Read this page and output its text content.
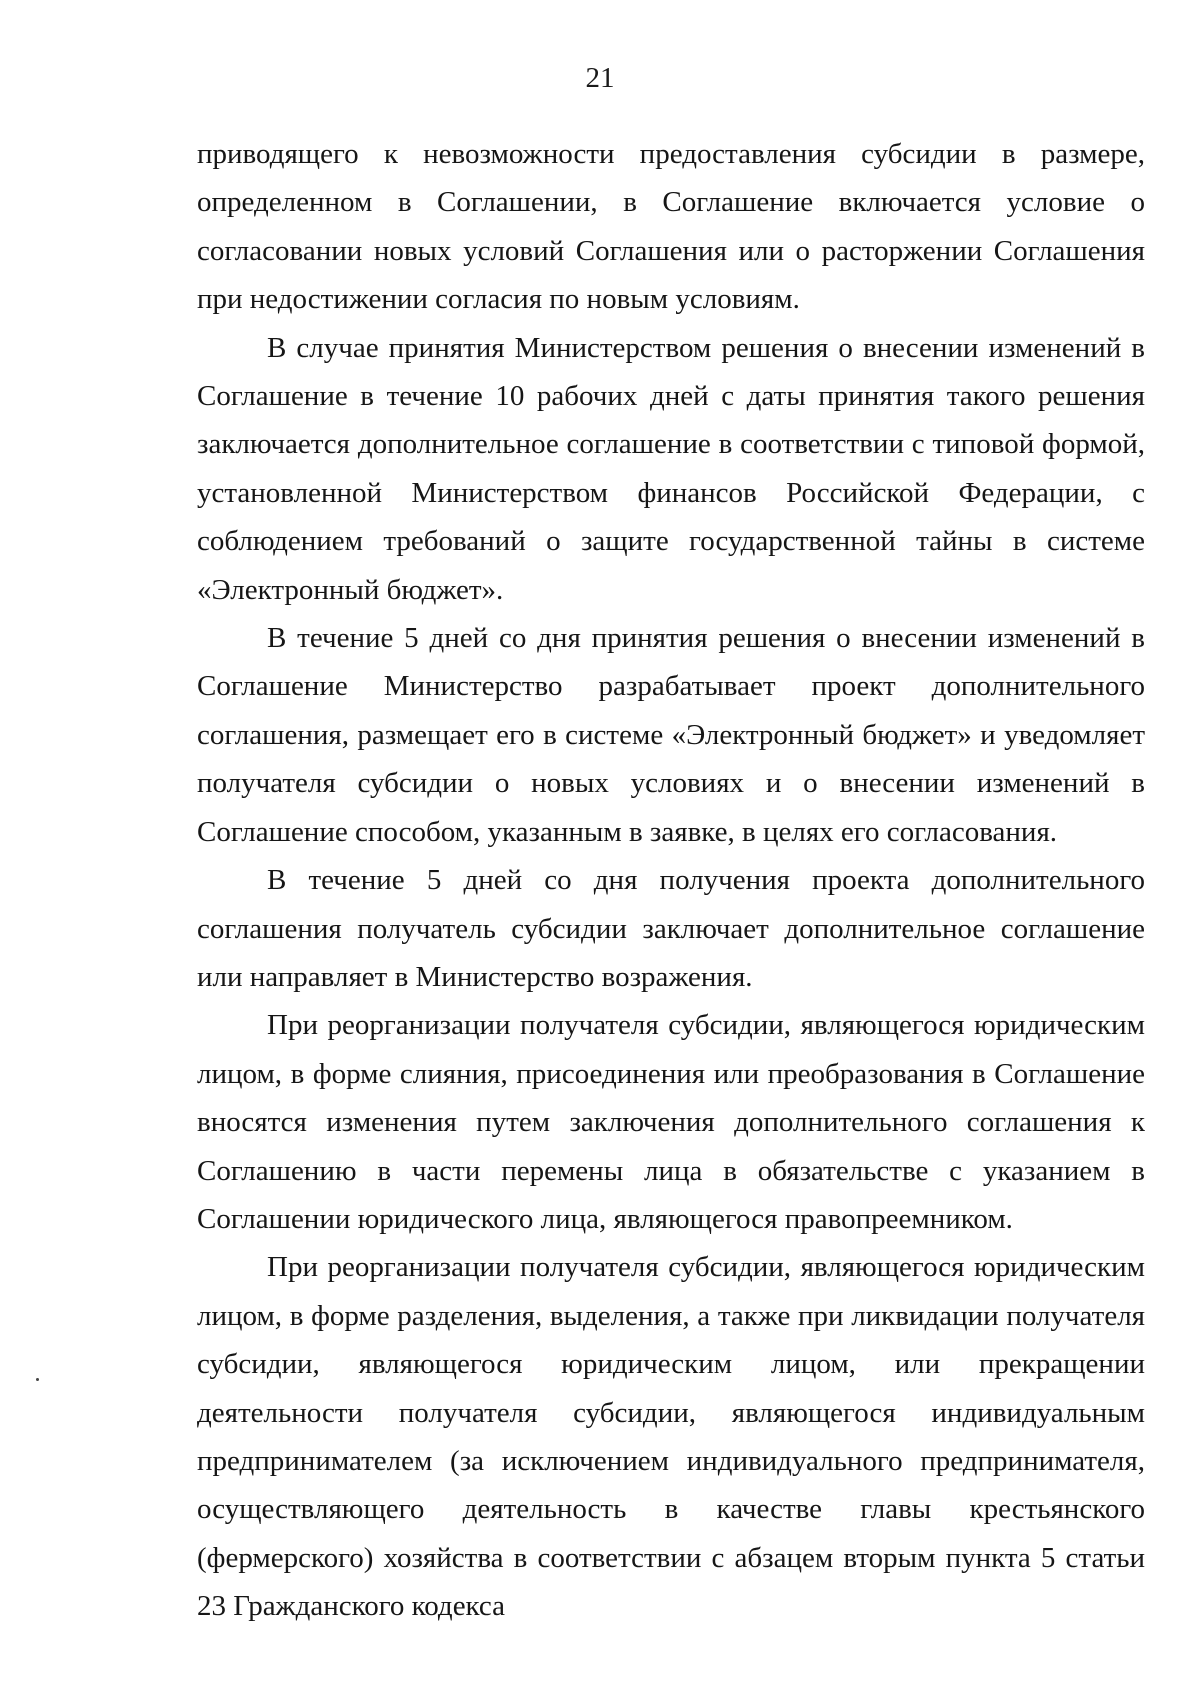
21

приводящего к невозможности предоставления субсидии в размере, определенном в Соглашении, в Соглашение включается условие о согласовании новых условий Соглашения или о расторжении Соглашения при недостижении согласия по новым условиям.

В случае принятия Министерством решения о внесении изменений в Соглашение в течение 10 рабочих дней с даты принятия такого решения заключается дополнительное соглашение в соответствии с типовой формой, установленной Министерством финансов Российской Федерации, с соблюдением требований о защите государственной тайны в системе «Электронный бюджет».

В течение 5 дней со дня принятия решения о внесении изменений в Соглашение Министерство разрабатывает проект дополнительного соглашения, размещает его в системе «Электронный бюджет» и уведомляет получателя субсидии о новых условиях и о внесении изменений в Соглашение способом, указанным в заявке, в целях его согласования.

В течение 5 дней со дня получения проекта дополнительного соглашения получатель субсидии заключает дополнительное соглашение или направляет в Министерство возражения.

При реорганизации получателя субсидии, являющегося юридическим лицом, в форме слияния, присоединения или преобразования в Соглашение вносятся изменения путем заключения дополнительного соглашения к Соглашению в части перемены лица в обязательстве с указанием в Соглашении юридического лица, являющегося правопреемником.

При реорганизации получателя субсидии, являющегося юридическим лицом, в форме разделения, выделения, а также при ликвидации получателя субсидии, являющегося юридическим лицом, или прекращении деятельности получателя субсидии, являющегося индивидуальным предпринимателем (за исключением индивидуального предпринимателя, осуществляющего деятельность в качестве главы крестьянского (фермерского) хозяйства в соответствии с абзацем вторым пункта 5 статьи 23 Гражданского кодекса
